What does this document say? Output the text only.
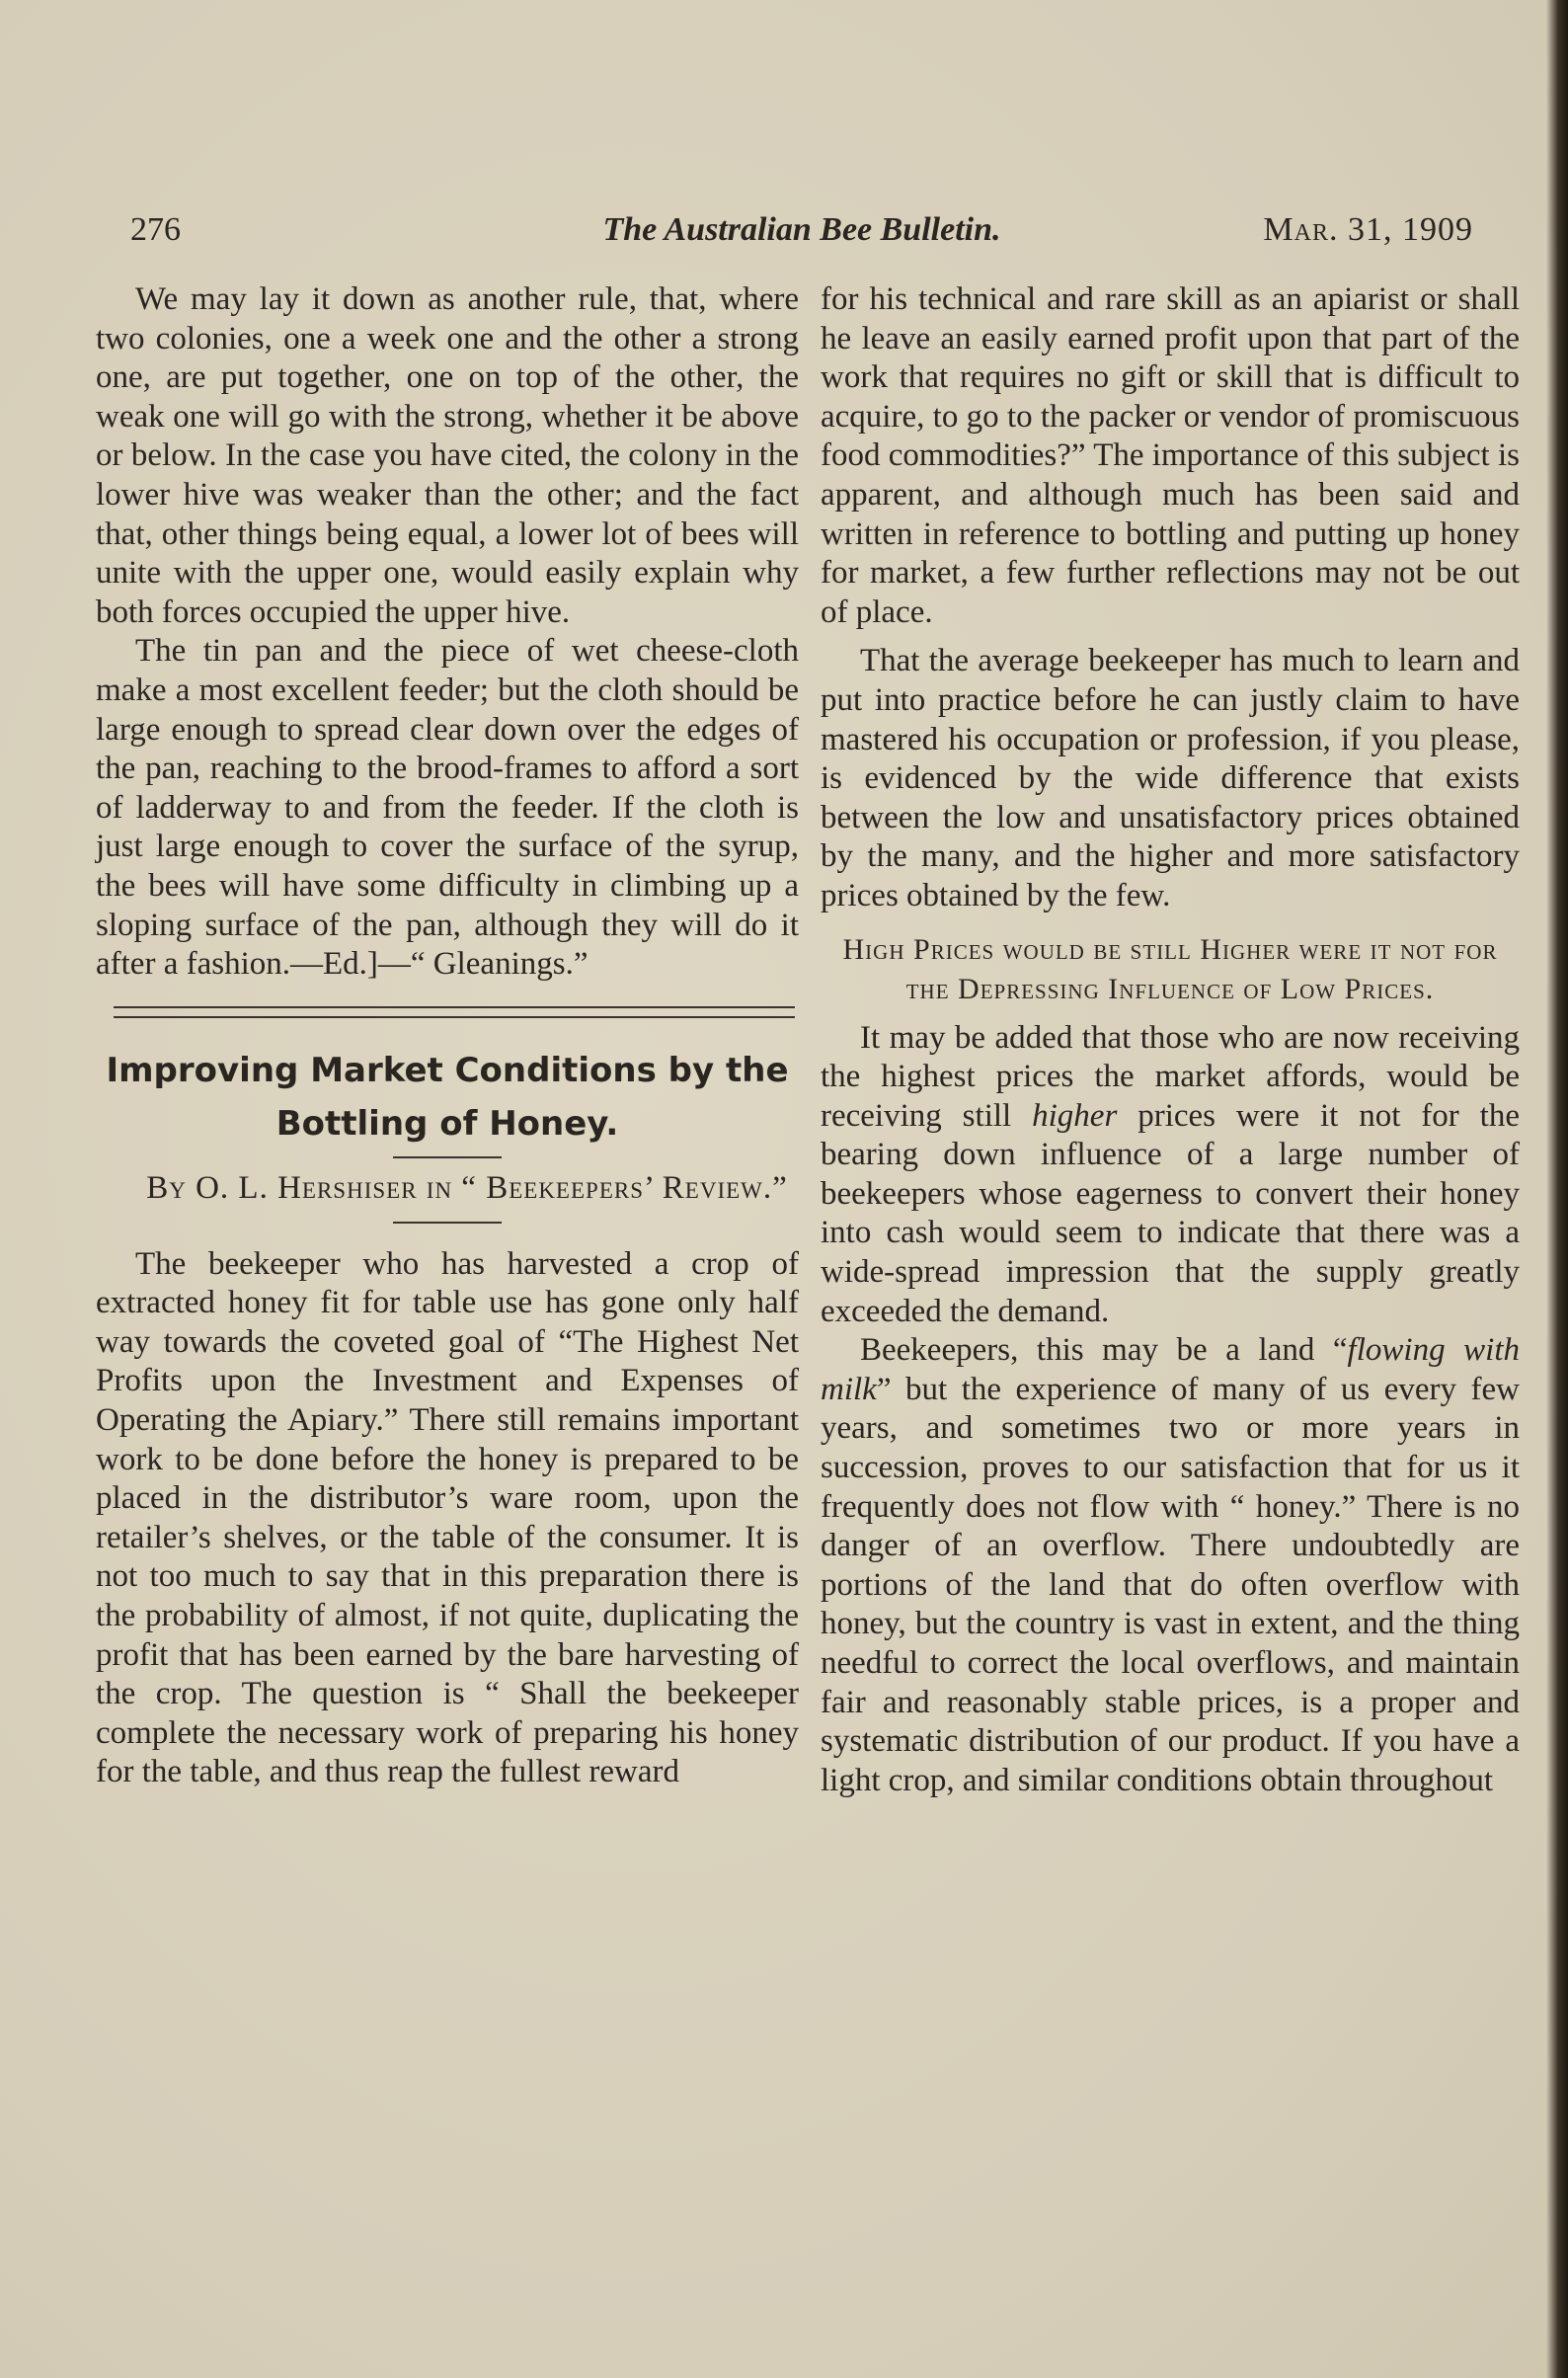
276	The Australian Bee Bulletin.	Mar. 31, 1909

We may lay it down as another rule, that, where two colonies, one a week one and the other a strong one, are put together, one on top of the other, the weak one will go with the strong, whether it be above or below. In the case you have cited, the colony in the lower hive was weaker than the other; and the fact that, other things being equal, a lower lot of bees will unite with the upper one, would easily explain why both forces occupied the upper hive.

The tin pan and the piece of wet cheese-cloth make a most excellent feeder; but the cloth should be large enough to spread clear down over the edges of the pan, reaching to the brood-frames to afford a sort of ladderway to and from the feeder. If the cloth is just large enough to cover the surface of the syrup, the bees will have some difficulty in climbing up a sloping surface of the pan, although they will do it after a fashion.—Ed.]—“ Gleanings.”

Improving Market Conditions by the Bottling of Honey.

By O. L. Hershiser in “ Beekeepers’ Review.”

The beekeeper who has harvested a crop of extracted honey fit for table use has gone only half way towards the coveted goal of “The Highest Net Profits upon the Investment and Expenses of Operating the Apiary.” There still remains important work to be done before the honey is prepared to be placed in the distributor’s ware room, upon the retailer’s shelves, or the table of the consumer. It is not too much to say that in this preparation there is the probability of almost, if not quite, duplicating the profit that has been earned by the bare harvesting of the crop. The question is “ Shall the beekeeper complete the necessary work of preparing his honey for the table, and thus reap the fullest reward

for his technical and rare skill as an apiarist or shall he leave an easily earned profit upon that part of the work that requires no gift or skill that is difficult to acquire, to go to the packer or vendor of promiscuous food commodities?” The importance of this subject is apparent, and although much has been said and written in reference to bottling and putting up honey for market, a few further reflections may not be out of place.

That the average beekeeper has much to learn and put into practice before he can justly claim to have mastered his occupation or profession, if you please, is evidenced by the wide difference that exists between the low and unsatisfactory prices obtained by the many, and the higher and more satisfactory prices obtained by the few.

High Prices would be still Higher were it not for the Depressing Influence of Low Prices.

It may be added that those who are now receiving the highest prices the market affords, would be receiving still higher prices were it not for the bearing down influence of a large number of beekeepers whose eagerness to convert their honey into cash would seem to indicate that there was a wide-spread impression that the supply greatly exceeded the demand.

Beekeepers, this may be a land “flowing with milk” but the experience of many of us every few years, and sometimes two or more years in succession, proves to our satisfaction that for us it frequently does not flow with “ honey.” There is no danger of an overflow. There undoubtedly are portions of the land that do often overflow with honey, but the country is vast in extent, and the thing needful to correct the local overflows, and maintain fair and reasonably stable prices, is a proper and systematic distribution of our product. If you have a light crop, and similar conditions obtain throughout
